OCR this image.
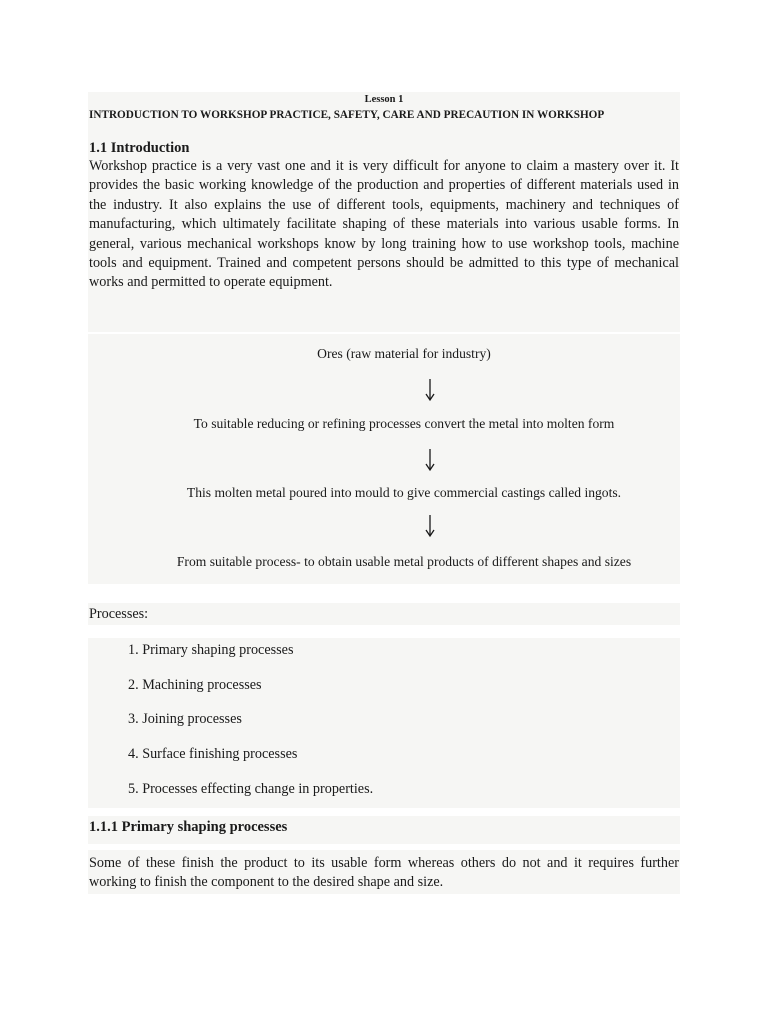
Lesson 1
INTRODUCTION TO WORKSHOP PRACTICE, SAFETY, CARE AND PRECAUTION IN WORKSHOP
1.1 Introduction

Workshop practice is a very vast one and it is very difficult for anyone to claim a mastery over it. It provides the basic working knowledge of the production and properties of different materials used in the industry. It also explains the use of different tools, equipments, machinery and techniques of manufacturing, which ultimately facilitate shaping of these materials into various usable forms. In general, various mechanical workshops know by long training how to use workshop tools, machine tools and equipment. Trained and competent persons should be admitted to this type of mechanical works and permitted to operate equipment.

Ores (raw material for industry)
To suitable reducing or refining processes convert the metal into molten form
This molten metal poured into mould to give commercial castings called ingots.
From suitable process- to obtain usable metal products of different shapes and sizes
Processes:
1. Primary shaping processes
2. Machining processes
3. Joining processes
4. Surface finishing processes
5. Processes effecting change in properties.
1.1.1 Primary shaping processes

Some of these finish the product to its usable form whereas others do not and it requires further working to finish the component to the desired shape and size.
